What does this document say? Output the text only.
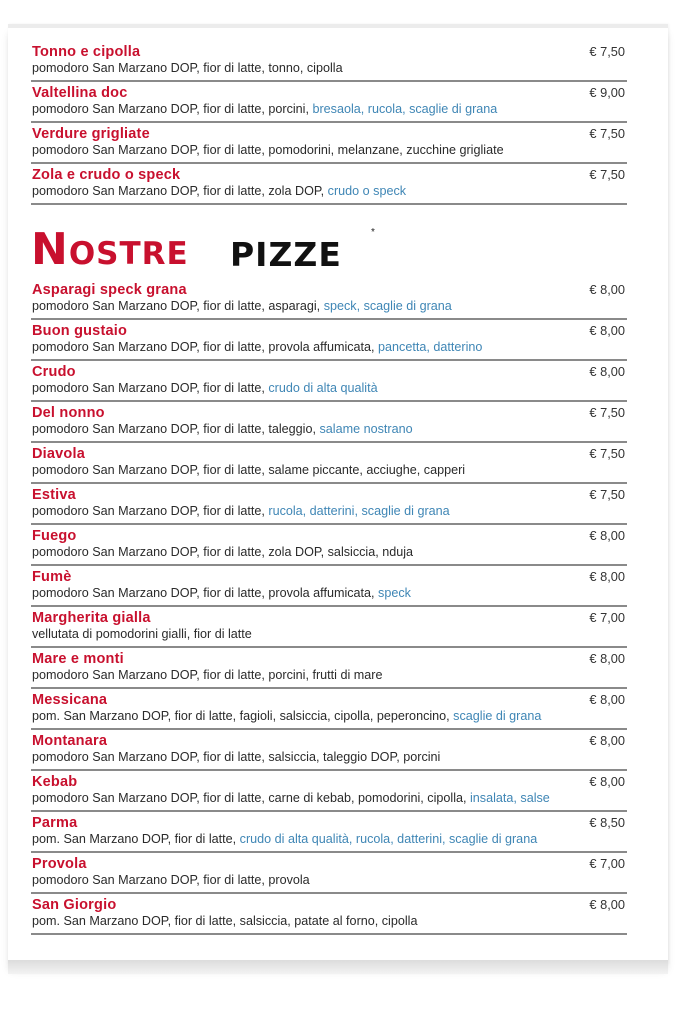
Tonno e cipolla
pomodoro San Marzano DOP, fior di latte, tonno, cipolla
€ 7,50
Valtellina doc
pomodoro San Marzano DOP, fior di latte, porcini, bresaola, rucola, scaglie di grana
€ 9,00
Verdure grigliate
pomodoro San Marzano DOP, fior di latte, pomodorini, melanzane, zucchine grigliate
€ 7,50
Zola e crudo o speck
pomodoro San Marzano DOP, fior di latte, zola DOP, crudo o speck
€ 7,50
Nostre PIZZE
*
Asparagi speck grana
pomodoro San Marzano DOP, fior di latte, asparagi, speck, scaglie di grana
€ 8,00
Buon gustaio
pomodoro San Marzano DOP, fior di latte, provola affumicata, pancetta, datterino
€ 8,00
Crudo
pomodoro San Marzano DOP, fior di latte, crudo di alta qualità
€ 8,00
Del nonno
pomodoro San Marzano DOP, fior di latte, taleggio, salame nostrano
€ 7,50
Diavola
pomodoro San Marzano DOP, fior di latte, salame piccante, acciughe, capperi
€ 7,50
Estiva
pomodoro San Marzano DOP, fior di latte, rucola, datterini, scaglie di grana
€ 7,50
Fuego
pomodoro San Marzano DOP, fior di latte, zola DOP, salsiccia, nduja
€ 8,00
Fumè
pomodoro San Marzano DOP, fior di latte, provola affumicata, speck
€ 8,00
Margherita gialla
vellutata di pomodorini gialli, fior di latte
€ 7,00
Mare e monti
pomodoro San Marzano DOP, fior di latte, porcini, frutti di mare
€ 8,00
Messicana
pom. San Marzano DOP, fior di latte, fagioli, salsiccia, cipolla, peperoncino, scaglie di grana
€ 8,00
Montanara
pomodoro San Marzano DOP, fior di latte, salsiccia, taleggio DOP, porcini
€ 8,00
Kebab
pomodoro San Marzano DOP, fior di latte, carne di kebab, pomodorini, cipolla, insalata, salse
€ 8,00
Parma
pom. San Marzano DOP, fior di latte, crudo di alta qualità, rucola, datterini, scaglie di grana
€ 8,50
Provola
pomodoro San Marzano DOP, fior di latte, provola
€ 7,00
San Giorgio
pom. San Marzano DOP, fior di latte, salsiccia, patate al forno, cipolla
€ 8,00
